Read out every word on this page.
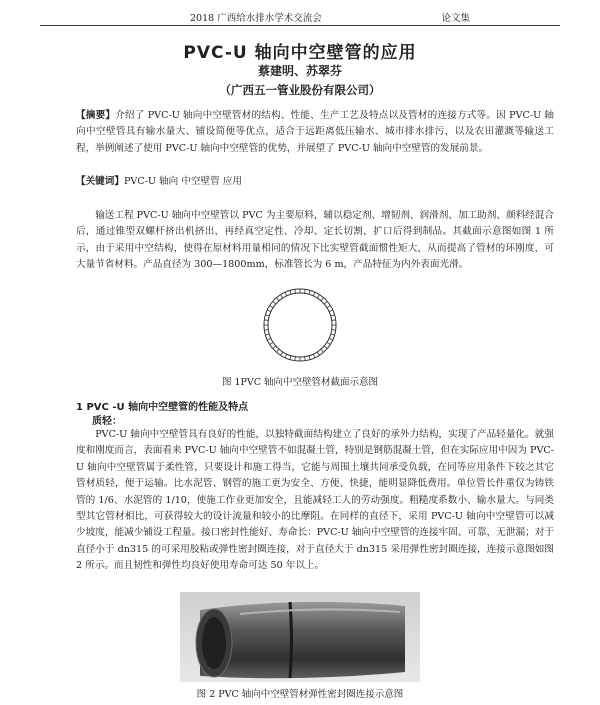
2018 广西给水排水学术交流会	论文集
PVC-U 轴向中空壁管的应用
蔡建明、苏翠芬
（广西五一管业股份有限公司）
【摘要】介绍了 PVC-U 轴向中空壁管材的结构、性能、生产工艺及特点以及管材的连接方式等。因 PVC-U 轴向中空壁管具有输水量大、铺设简便等优点，适合于远距离低压输水、城市排水排污，以及农田灌溉等输送工程，举例阐述了使用 PVC-U 轴向中空壁管的优势，并展望了 PVC-U 轴向中空壁管的发展前景。
【关键词】PVC-U 轴向 中空壁管 应用
输送工程 PVC-U 轴向中空壁管以 PVC 为主要原料，辅以稳定剂、增韧剂、润滑剂、加工助剂、颜料经混合后，通过锥型双螺杆挤出机挤出，再经真空定性、冷却、定长切割，扩口后得到制品。其截面示意图如图 1 所示，由于采用中空结构，使得在原材料用量相同的情况下比实壁管截面惯性矩大，从而提高了管材的环刚度，可大量节省材料。产品直径为 300—1800mm，标准管长为 6 m，产品特征为内外表面光滑。
图 1PVC 轴向中空壁管材截面示意图
1 PVC -U 轴向中空壁管的性能及特点
质轻：
PVC-U 轴向中空壁管具有良好的性能，以独特截面结构建立了良好的承外力结构，实现了产品轻量化。就强度和刚度而言，表面看来 PVC-U 轴向中空壁管不如混凝土管，特别是钢筋混凝土管，但在实际应用中因为 PVC-U 轴向中空壁管属于柔性管，只要设计和施工得当，它能与周围土壤共同承受负载，在同等应用条件下较之其它管材质轻，便于运输。比水泥管、钢管的施工更为安全、方便、快捷，能明显降低费用。单位管长件重仅为铸铁管的 1/6、水泥管的 1/10，使施工作业更加安全，且能减轻工人的劳动强度。粗糙度系数小、输水量大。与同类型其它管材相比，可获得较大的设计流量和较小的比摩阻。在同样的直径下，采用 PVC-U 轴向中空壁管可以减少坡度，能减少铺设工程量。接口密封性能好、寿命长：PVC-U 轴向中空壁管的连接牢固、可靠，无泄漏；对于直径小于 dn315 的可采用胶粘或弹性密封圈连接，对于直径大于 dn315 采用弹性密封圈连接，连接示意图如图 2 所示。而且韧性和弹性均良好使用寿命可达 50 年以上。
图 2 PVC 轴向中空壁管材弹性密封圈连接示意图
